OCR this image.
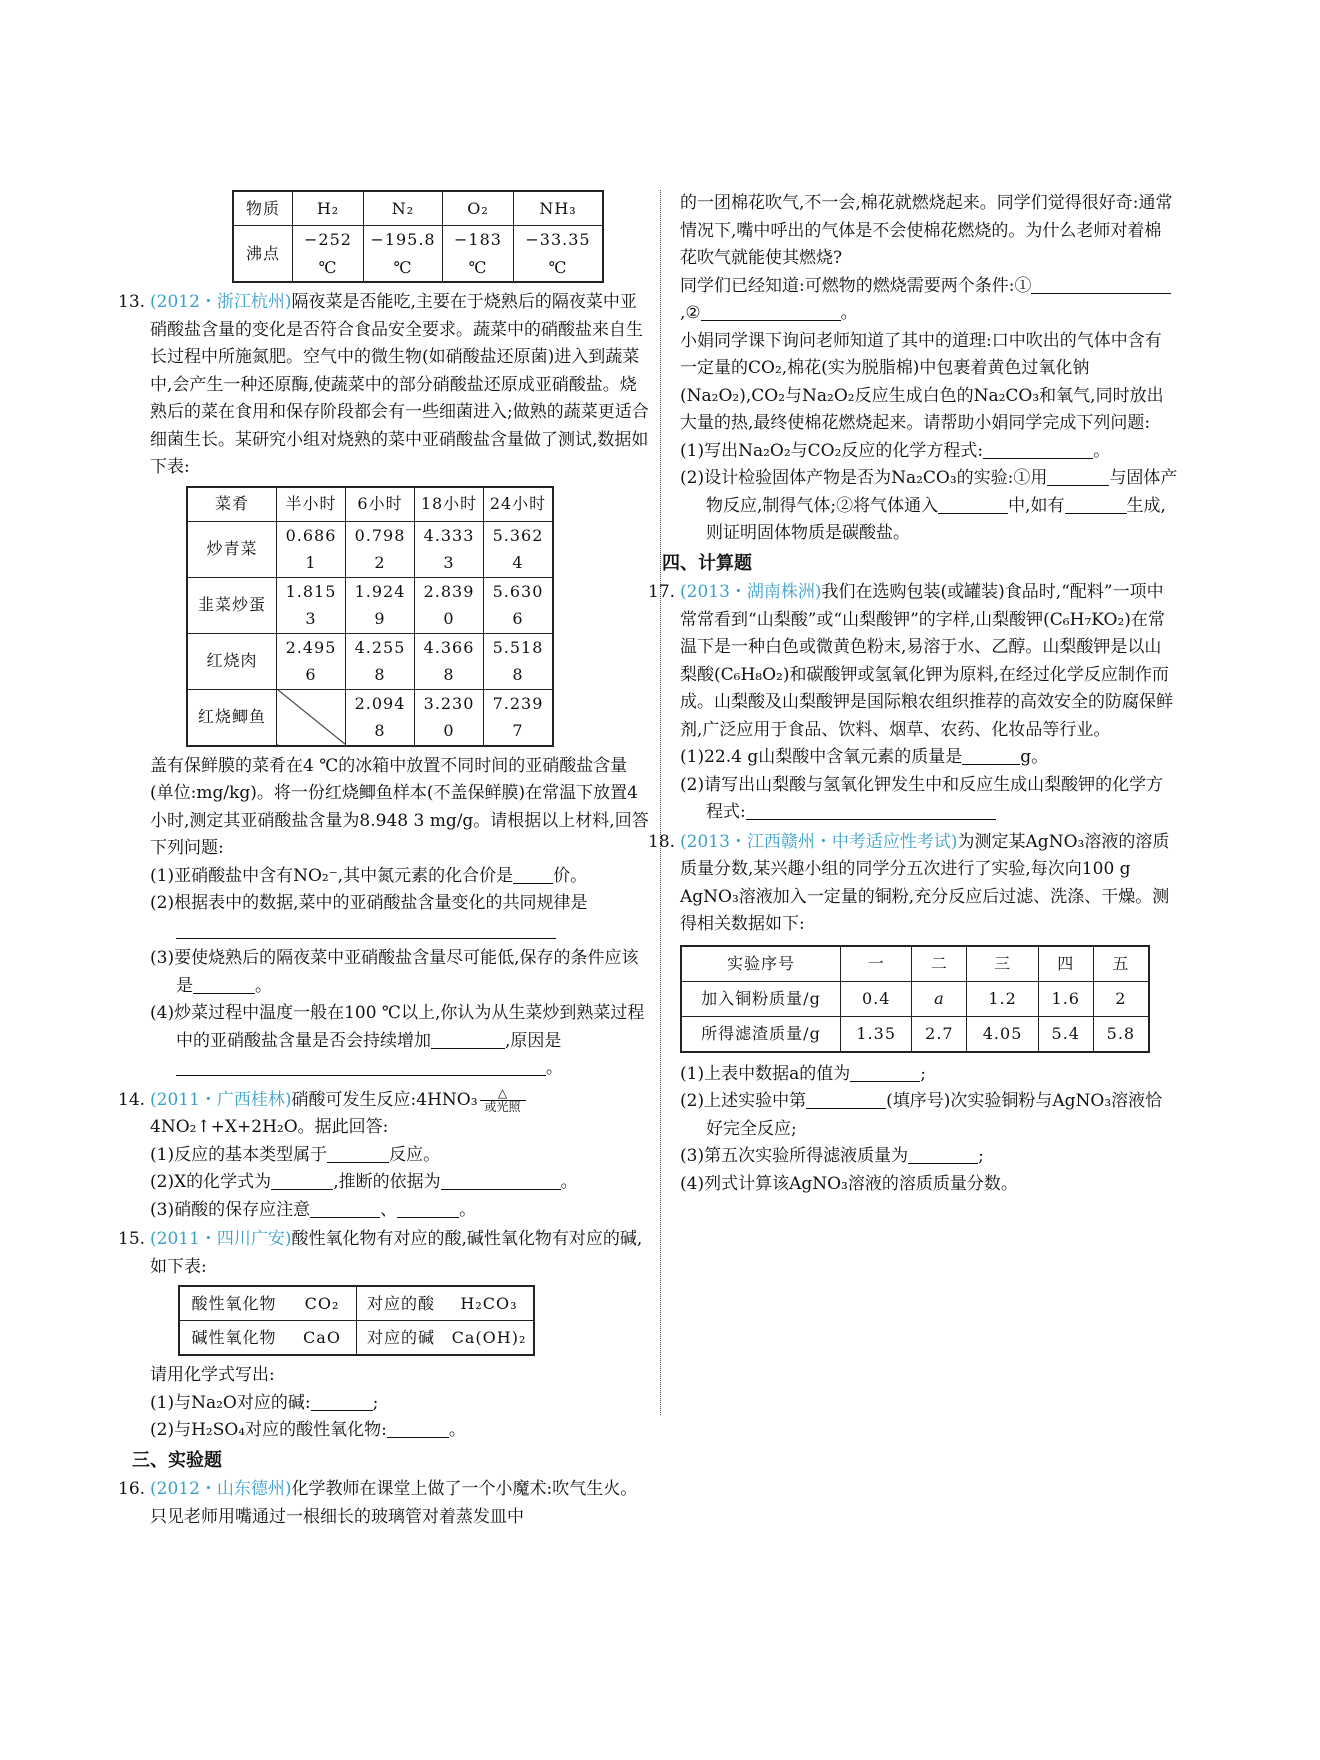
物质	H₂	N₂	O₂	NH₃
沸点	−252 ℃	−195.8 ℃	−183 ℃	−33.35 ℃
13. (2012・浙江杭州)隔夜菜是否能吃,主要在于烧熟后的隔夜菜中亚硝酸盐含量的变化是否符合食品安全要求。蔬菜中的硝酸盐来自生长过程中所施氮肥。空气中的微生物(如硝酸盐还原菌)进入到蔬菜中,会产生一种还原酶,使蔬菜中的部分硝酸盐还原成亚硝酸盐。烧熟后的菜在食用和保存阶段都会有一些细菌进入;做熟的蔬菜更适合细菌生长。某研究小组对烧熟的菜中亚硝酸盐含量做了测试,数据如下表:
菜肴	半小时	6小时	18小时	24小时
炒青菜	0.686 1	0.798 2	4.333 3	5.362 4
韭菜炒蛋	1.815 3	1.924 9	2.839 0	5.630 6
红烧肉	2.495 6	4.255 8	4.366 8	5.518 8
红烧鲫鱼		2.094 8	3.230 0	7.239 7

盖有保鲜膜的菜肴在4 ℃的冰箱中放置不同时间的亚硝酸盐含量(单位:mg/kg)。将一份红烧鲫鱼样本(不盖保鲜膜)在常温下放置4小时,测定其亚硝酸盐含量为8.948 3 mg/g。请根据以上材料,回答下列问题:

(1)亚硝酸盐中含有NO₂⁻,其中氮元素的化合价是 价。

(2)根据表中的数据,菜中的亚硝酸盐含量变化的共同规律是

(3)要使烧熟后的隔夜菜中亚硝酸盐含量尽可能低,保存的条件应该是	。

(4)炒菜过程中温度一般在100 ℃以上,你认为从生菜炒到熟菜过程中的亚硝酸盐含量是否会持续增加	,原因是。

14. (2011・广西桂林)硝酸可发生反应:4HNO₃ △
或光照
4NO₂↑+X+2H₂O。据此回答:

(1)反应的基本类型属于	反应。

(2)X的化学式为	,推断的依据为	。

(3)硝酸的保存应注意	、	。

15. (2011・四川广安)酸性氧化物有对应的酸,碱性氧化物有对应的碱,如下表:
酸性氧化物	CO₂	对应的酸	H₂CO₃
碱性氧化物	CaO	对应的碱	Ca(OH)₂

请用化学式写出:

(1)与Na₂O对应的碱:	;

(2)与H₂SO₄对应的酸性氧化物:	。

三、实验题

16. (2012・山东德州)化学教师在课堂上做了一个小魔术:吹气生火。只见老师用嘴通过一根细长的玻璃管对着蒸发皿中

的一团棉花吹气,不一会,棉花就燃烧起来。同学们觉得很好奇:通常情况下,嘴中呼出的气体是不会使棉花燃烧的。为什么老师对着棉花吹气就能使其燃烧?

同学们已经知道:可燃物的燃烧需要两个条件:①,②	。

小娟同学课下询问老师知道了其中的道理:口中吹出的气体中含有一定量的CO₂,棉花(实为脱脂棉)中包裹着黄色过氧化钠(Na₂O₂),CO₂与Na₂O₂反应生成白色的Na₂CO₃和氧气,同时放出大量的热,最终使棉花燃烧起来。请帮助小娟同学完成下列问题:

(1)写出Na₂O₂与CO₂反应的化学方程式:	。

(2)设计检验固体产物是否为Na₂CO₃的实验:①用	与固体产物反应,制得气体;②将气体通入	中,如有	生成,则证明固体物质是碳酸盐。

四、计算题

17. (2013・湖南株洲)我们在选购包装(或罐装)食品时,“配料”一项中常常看到“山梨酸”或“山梨酸钾”的字样,山梨酸钾(C₆H₇KO₂)在常温下是一种白色或微黄色粉末,易溶于水、乙醇。山梨酸钾是以山梨酸(C₆H₈O₂)和碳酸钾或氢氧化钾为原料,在经过化学反应制作而成。山梨酸及山梨酸钾是国际粮农组织推荐的高效安全的防腐保鲜剂,广泛应用于食品、饮料、烟草、农药、化妆品等行业。

(1)22.4 g山梨酸中含氧元素的质量是	g。

(2)请写出山梨酸与氢氧化钾发生中和反应生成山梨酸钾的化学方程式:

18. (2013・江西赣州・中考适应性考试)为测定某AgNO₃溶液的溶质质量分数,某兴趣小组的同学分五次进行了实验,每次向100 g AgNO₃溶液加入一定量的铜粉,充分反应后过滤、洗涤、干燥。测得相关数据如下:
实验序号	一	二	三	四	五
加入铜粉质量/g	0.4	a	1.2	1.6	2
所得滤渣质量/g	1.35	2.7	4.05	5.4	5.8

(1)上表中数据a的值为	;

(2)上述实验中第	(填序号)次实验铜粉与AgNO₃溶液恰好完全反应;

(3)第五次实验所得滤液质量为	;

(4)列式计算该AgNO₃溶液的溶质质量分数。
